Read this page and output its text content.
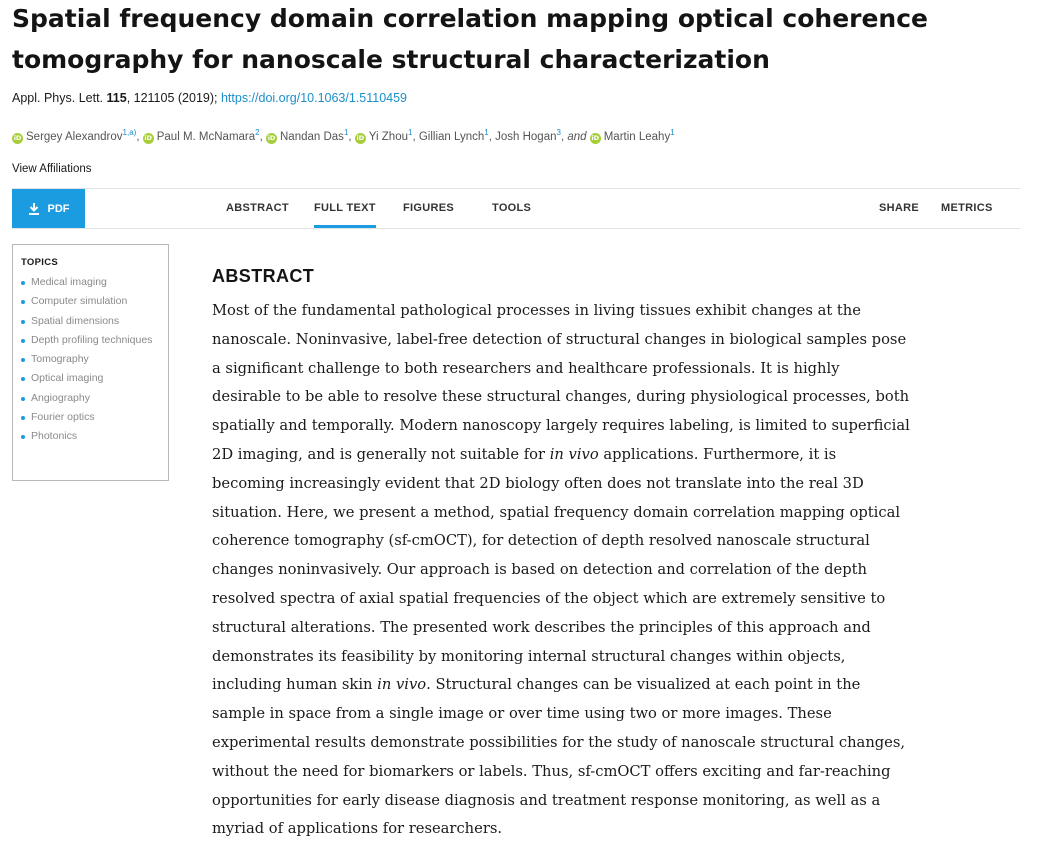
Spatial frequency domain correlation mapping optical coherence tomography for nanoscale structural characterization
Appl. Phys. Lett. 115, 121105 (2019); https://doi.org/10.1063/1.5110459
iD Sergey Alexandrov$^{1,a)}$, iD Paul M. McNamara$^2$, iD Nandan Das$^1$, iD Yi Zhou$^1$, Gillian Lynch$^1$, Josh Hogan$^3$, and iD Martin Leahy$^1$
View Affiliations
PDF	ABSTRACT FULL TEXT FIGURES	TOOLS	SHARE METRICS
TOPICS
Medical imaging
Computer simulation
Spatial dimensions
Depth profiling techniques
Tomography
Optical imaging
Angiography
Fourier optics
Photonics
ABSTRACT

Most of the fundamental pathological processes in living tissues exhibit changes at the nanoscale. Noninvasive, label-free detection of structural changes in biological samples pose a significant challenge to both researchers and healthcare professionals. It is highly desirable to be able to resolve these structural changes, during physiological processes, both spatially and temporally. Modern nanoscopy largely requires labeling, is limited to superficial 2D imaging, and is generally not suitable for in vivo applications. Furthermore, it is becoming increasingly evident that 2D biology often does not translate into the real 3D situation. Here, we present a method, spatial frequency domain correlation mapping optical coherence tomography (sf-cmOCT), for detection of depth resolved nanoscale structural changes noninvasively. Our approach is based on detection and correlation of the depth resolved spectra of axial spatial frequencies of the object which are extremely sensitive to structural alterations. The presented work describes the principles of this approach and demonstrates its feasibility by monitoring internal structural changes within objects, including human skin in vivo. Structural changes can be visualized at each point in the sample in space from a single image or over time using two or more images. These experimental results demonstrate possibilities for the study of nanoscale structural changes, without the need for biomarkers or labels. Thus, sf-cmOCT offers exciting and far-reaching opportunities for early disease diagnosis and treatment response monitoring, as well as a myriad of applications for researchers.
